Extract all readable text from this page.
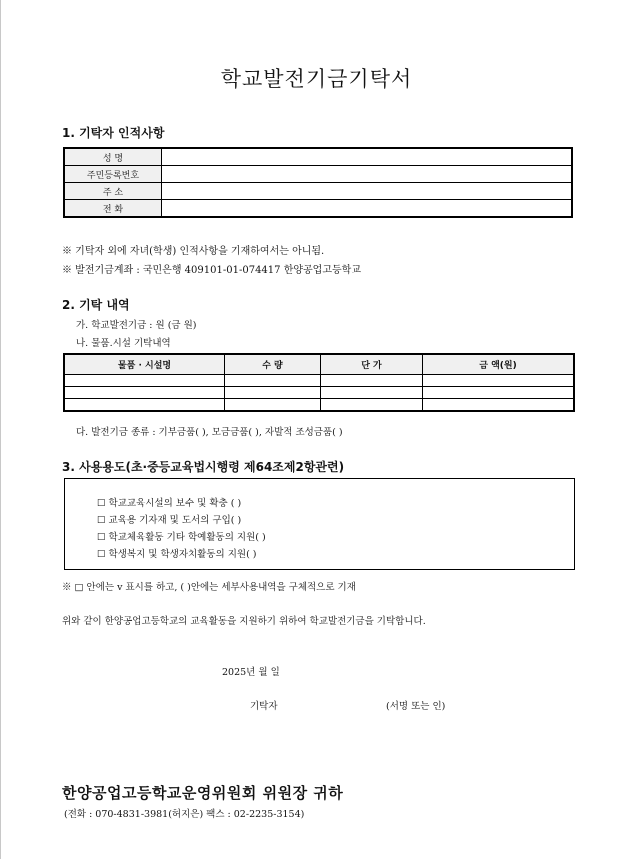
학교발전기금기탁서
1. 기탁자 인적사항
성 명	
주민등록번호	
주 소	
전 화	
※ 기탁자 외에 자녀(학생) 인적사항을 기재하여서는 아니됨.
※ 발전기금계좌 : 국민은행 409101-01-074417 한양공업고등학교
2. 기탁 내역
가. 학교발전기금 : 원 (금 원)
나. 물품.시설 기탁내역
물품 · 시설명	수 량	단 가	금 액(원)

다. 발전기금 종류 : 기부금품( ), 모금금품( ), 자발적 조성금품( )
3. 사용용도(초·중등교육법시행령 제64조제2항관련)
☐ 학교교육시설의 보수 및 확충 ( )
☐ 교육용 기자재 및 도서의 구입( )
☐ 학교체육활동 기타 학예활동의 지원( )
☐ 학생복지 및 학생자치활동의 지원( )
※ □ 안에는 v 표시를 하고, ( )안에는 세부사용내역을 구체적으로 기재
위와 같이 한양공업고등학교의 교육활동을 지원하기 위하여 학교발전기금을 기탁합니다.
2025년 월 일
기탁자	(서명 또는 인)
한양공업고등학교운영위원회 위원장 귀하
(전화 : 070-4831-3981(허지은) 팩스 : 02-2235-3154)
